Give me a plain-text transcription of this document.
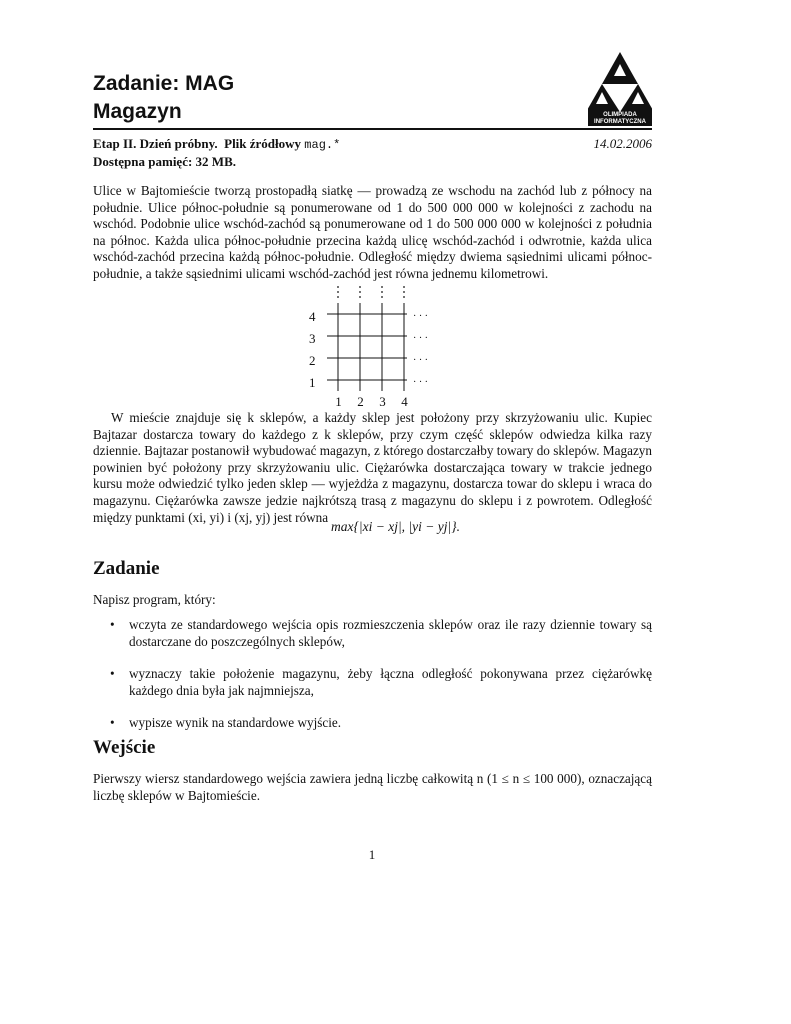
Zadanie: MAG
Magazyn	OLIMPIADA
INFORMATYCZNA
Etap II. Dzień próbny. Plik źródłowy mag.*	14.02.2006
Dostępna pamięć: 32 MB.
Ulice w Bajtomieście tworzą prostopadłą siatkę — prowadzą ze wschodu na zachód lub z północy na południe. Ulice północ-południe są ponumerowane od 1 do 500 000 000 w kolejności z zachodu na wschód. Podobnie ulice wschód-zachód są ponumerowane od 1 do 500 000 000 w kolejności z południa na północ. Każda ulica północ-południe przecina każdą ulicę wschód-zachód i odwrotnie, każda ulica wschód-zachód przecina każdą północ-południe. Odległość między dwiema sąsiednimi ulicami północ-południe, a także sąsiednimi ulicami wschód-zachód jest równa jednemu kilometrowi.
4
3
2
1
· · ·
· · ·
· · ·
· · ·
1 2 3 4
W mieście znajduje się k sklepów, a każdy sklep jest położony przy skrzyżowaniu ulic. Kupiec Bajtazar dostarcza towary do każdego z k sklepów, przy czym część sklepów odwiedza kilka razy dziennie. Bajtazar postanowił wybudować magazyn, z którego dostarczałby towary do sklepów. Magazyn powinien być położony przy skrzyżowaniu ulic. Ciężarówka dostarczająca towary w trakcie jednego kursu może odwiedzić tylko jeden sklep — wyjeżdża z magazynu, dostarcza towar do sklepu i wraca do magazynu. Ciężarówka zawsze jedzie najkrótszą trasą z magazynu do sklepu i z powrotem. Odległość między punktami (xi, yi) i (xj, yj) jest równa
max{|xi − xj|, |yi − yj|}.
Zadanie
Napisz program, który:
• wczyta ze standardowego wejścia opis rozmieszczenia sklepów oraz ile razy dziennie towary są dostarczane do poszczególnych sklepów,
• wyznaczy takie położenie magazynu, żeby łączna odległość pokonywana przez ciężarówkę każdego dnia była jak najmniejsza,
• wypisze wynik na standardowe wyjście.
Wejście
Pierwszy wiersz standardowego wejścia zawiera jedną liczbę całkowitą n (1 ≤ n ≤ 100 000), oznaczającą liczbę sklepów w Bajtomieście.
1
